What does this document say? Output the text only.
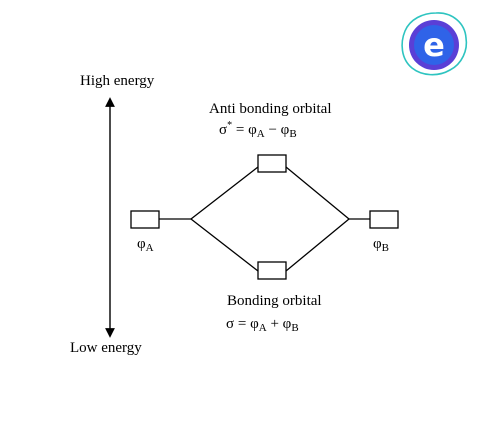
e
High energy
Low energy
Anti bonding orbital
$\sigma^* = \varphi_A - \varphi_B$
$\varphi_A$	$\varphi_B$
Bonding orbital
$\sigma = \varphi_A + \varphi_B$
